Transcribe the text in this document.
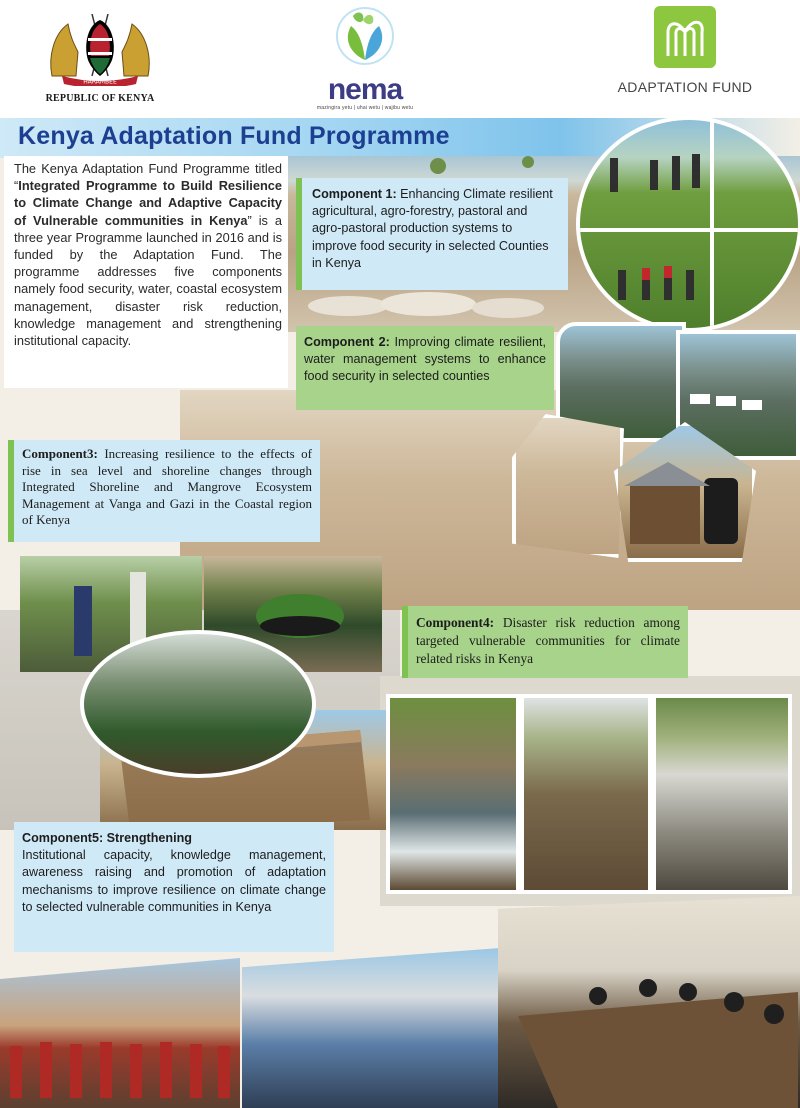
HARAMBEE
REPUBLIC OF KENYA	nema
mazingira yetu | uhai wetu | wajibu wetu
ADAPTATION FUND
Kenya Adaptation Fund Programme
The Kenya Adaptation Fund Programme titled “Integrated Programme to Build Resilience to Climate Change and Adaptive Capacity of Vulnerable communities in Kenya” is a three year Programme launched in 2016 and is funded by the Adaptation Fund. The programme addresses five components namely food security, water, coastal ecosystem management, disaster risk reduction, knowledge management and strengthening institutional capacity.
Component 1: Enhancing Climate resilient agricultural, agro-forestry, pastoral and agro-pastoral production systems to improve food security in selected Counties in Kenya
Component 2: Improving climate resilient, water management systems to enhance food security in selected counties
Component3: Increasing resilience to the effects of rise in sea level and shoreline changes through Integrated Shoreline and Mangrove Ecosystem Management at Vanga and Gazi in the Coastal region of Kenya
Component4: Disaster risk reduction among targeted vulnerable communities for climate related risks in Kenya
Component5: Strengthening
Institutional capacity, knowledge management, awareness raising and promotion of adaptation mechanisms to improve resilience on climate change to selected vulnerable communities in Kenya
